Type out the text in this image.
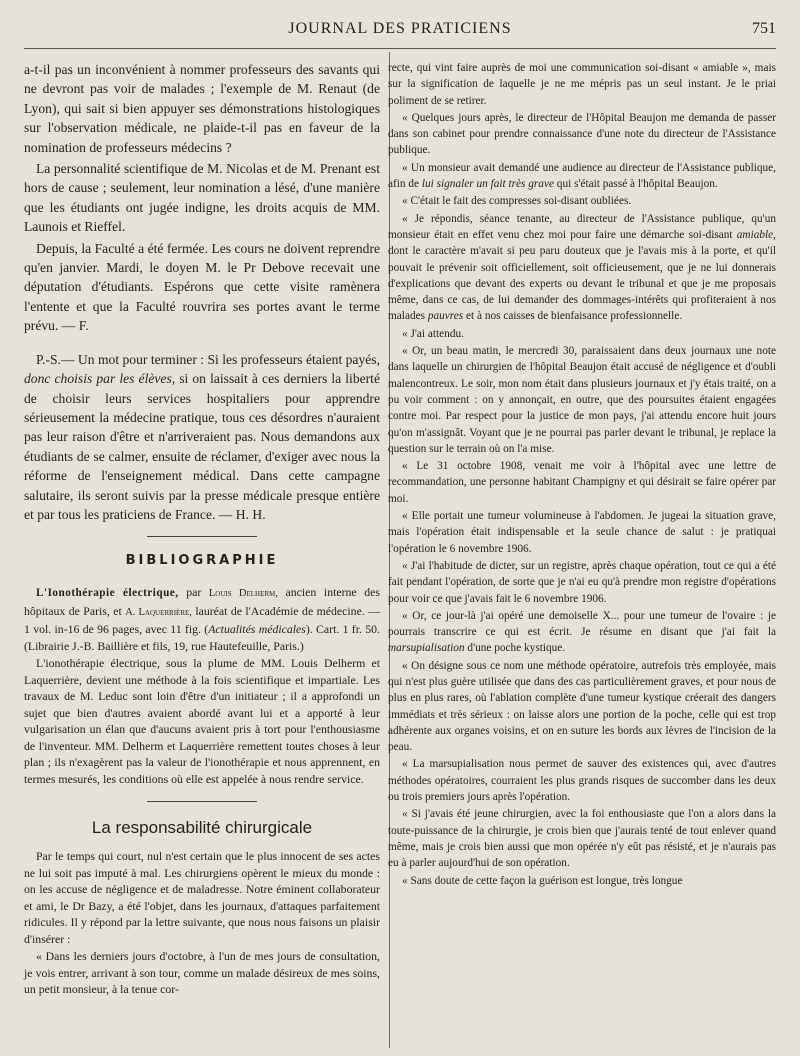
JOURNAL DES PRATICIENS	751

a-t-il pas un inconvénient à nommer professeurs des savants qui ne devront pas voir de malades ; l'exemple de M. Renaut (de Lyon), qui sait si bien appuyer ses démonstrations histologiques sur l'observation médicale, ne plaide-t-il pas en faveur de la nomination de professeurs médecins ?

La personnalité scientifique de M. Nicolas et de M. Prenant est hors de cause ; seulement, leur nomination a lésé, d'une manière que les étudiants ont jugée indigne, les droits acquis de MM. Launois et Rieffel.

Depuis, la Faculté a été fermée. Les cours ne doivent reprendre qu'en janvier. Mardi, le doyen M. le Pr Debove recevait une députation d'étudiants. Espérons que cette visite ramènera l'entente et que la Faculté rouvrira ses portes avant le terme prévu. — F.

P.-S.— Un mot pour terminer : Si les professeurs étaient payés, donc choisis par les élèves, si on laissait à ces derniers la liberté de choisir leurs services hospitaliers pour apprendre sérieusement la médecine pratique, tous ces désordres n'auraient pas leur raison d'être et n'arriveraient pas. Nous demandons aux étudiants de se calmer, ensuite de réclamer, d'exiger avec nous la réforme de l'enseignement médical. Dans cette campagne salutaire, ils seront suivis par la presse médicale presque entière et par tous les praticiens de France. — H. H.

BIBLIOGRAPHIE

L'Ionothérapie électrique, par Louis Delherm, ancien interne des hôpitaux de Paris, et A. Laquerrière, lauréat de l'Académie de médecine. — 1 vol. in-16 de 96 pages, avec 11 fig. (Actualités médicales). Cart. 1 fr. 50. (Librairie J.-B. Baillière et fils, 19, rue Hautefeuille, Paris.)

L'ionothérapie électrique, sous la plume de MM. Louis Delherm et Laquerrière, devient une méthode à la fois scientifique et impartiale. Les travaux de M. Leduc sont loin d'être d'un initiateur ; il a approfondi un sujet que bien d'autres avaient abordé avant lui et a apporté à leur vulgarisation un élan que d'aucuns avaient pris à tort pour l'enthousiasme de l'inventeur. MM. Delherm et Laquerrière remettent toutes choses à leur plan ; ils n'exagèrent pas la valeur de l'ionothérapie et nous apprennent, en termes mesurés, les conditions où elle est appelée à nous rendre service.

La responsabilité chirurgicale

Par le temps qui court, nul n'est certain que le plus innocent de ses actes ne lui soit pas imputé à mal. Les chirurgiens opèrent le mieux du monde : on les accuse de négligence et de maladresse. Notre éminent collaborateur et ami, le Dr Bazy, a été l'objet, dans les journaux, d'attaques parfaitement ridicules. Il y répond par la lettre suivante, que nous nous faisons un plaisir d'insérer :

« Dans les derniers jours d'octobre, à l'un de mes jours de consultation, je vois entrer, arrivant à son tour, comme un malade désireux de mes soins, un petit monsieur, à la tenue cor-

recte, qui vint faire auprès de moi une communication soi-disant « amiable », mais sur la signification de laquelle je ne me mépris pas un seul instant. Je le priai poliment de se retirer.

« Quelques jours après, le directeur de l'Hôpital Beaujon me demanda de passer dans son cabinet pour prendre connaissance d'une note du directeur de l'Assistance publique.

« Un monsieur avait demandé une audience au directeur de l'Assistance publique, afin de lui signaler un fait très grave qui s'était passé à l'hôpital Beaujon.

« C'était le fait des compresses soi-disant oubliées.

« Je répondis, séance tenante, au directeur de l'Assistance publique, qu'un monsieur était en effet venu chez moi pour faire une démarche soi-disant amiable, dont le caractère m'avait si peu paru douteux que je l'avais mis à la porte, et qu'il pouvait le prévenir soit officiellement, soit officieusement, que je ne lui donnerais d'explications que devant des experts ou devant le tribunal et que je me proposais même, dans ce cas, de lui demander des dommages-intérêts qui profiteraient à nos malades pauvres et à nos caisses de bienfaisance professionnelle.

« J'ai attendu.

« Or, un beau matin, le mercredi 30, paraissaient dans deux journaux une note dans laquelle un chirurgien de l'hôpital Beaujon était accusé de négligence et d'oubli malencontreux. Le soir, mon nom était dans plusieurs journaux et j'y étais traité, on a pu voir comment : on y annonçait, en outre, que des poursuites étaient engagées contre moi. Par respect pour la justice de mon pays, j'ai attendu encore huit jours qu'on m'assignât. Voyant que je ne pourrai pas parler devant le tribunal, je replace la question sur le terrain où on l'a mise.

« Le 31 octobre 1908, venait me voir à l'hôpital avec une lettre de recommandation, une personne habitant Champigny et qui désirait se faire opérer par moi.

« Elle portait une tumeur volumineuse à l'abdomen. Je jugeai la situation grave, mais l'opération était indispensable et la seule chance de salut : je pratiquai l'opération le 6 novembre 1906.

« J'ai l'habitude de dicter, sur un registre, après chaque opération, tout ce qui a été fait pendant l'opération, de sorte que je n'ai eu qu'à prendre mon registre d'opérations pour voir ce que j'avais fait le 6 novembre 1906.

« Or, ce jour-là j'ai opéré une demoiselle X... pour une tumeur de l'ovaire : je pourrais transcrire ce qui est écrit. Je résume en disant que j'ai fait la marsupialisation d'une poche kystique.

« On désigne sous ce nom une méthode opératoire, autrefois très employée, mais qui n'est plus guère utilisée que dans des cas particulièrement graves, et pour nous de plus en plus rares, où l'ablation complète d'une tumeur kystique créerait des dangers immédiats et très sérieux : on laisse alors une portion de la poche, celle qui est trop adhérente aux organes voisins, et on en suture les bords aux lèvres de l'incision de la peau.

« La marsupialisation nous permet de sauver des existences qui, avec d'autres méthodes opératoires, courraient les plus grands risques de succomber dans les deux ou trois premiers jours après l'opération.

« Si j'avais été jeune chirurgien, avec la foi enthousiaste que l'on a alors dans la toute-puissance de la chirurgie, je crois bien que j'aurais tenté de tout enlever quand même, mais je crois bien aussi que mon opérée n'y eût pas résisté, et je n'aurais pas eu à parler aujourd'hui de son opération.

« Sans doute de cette façon la guérison est longue, très longue
